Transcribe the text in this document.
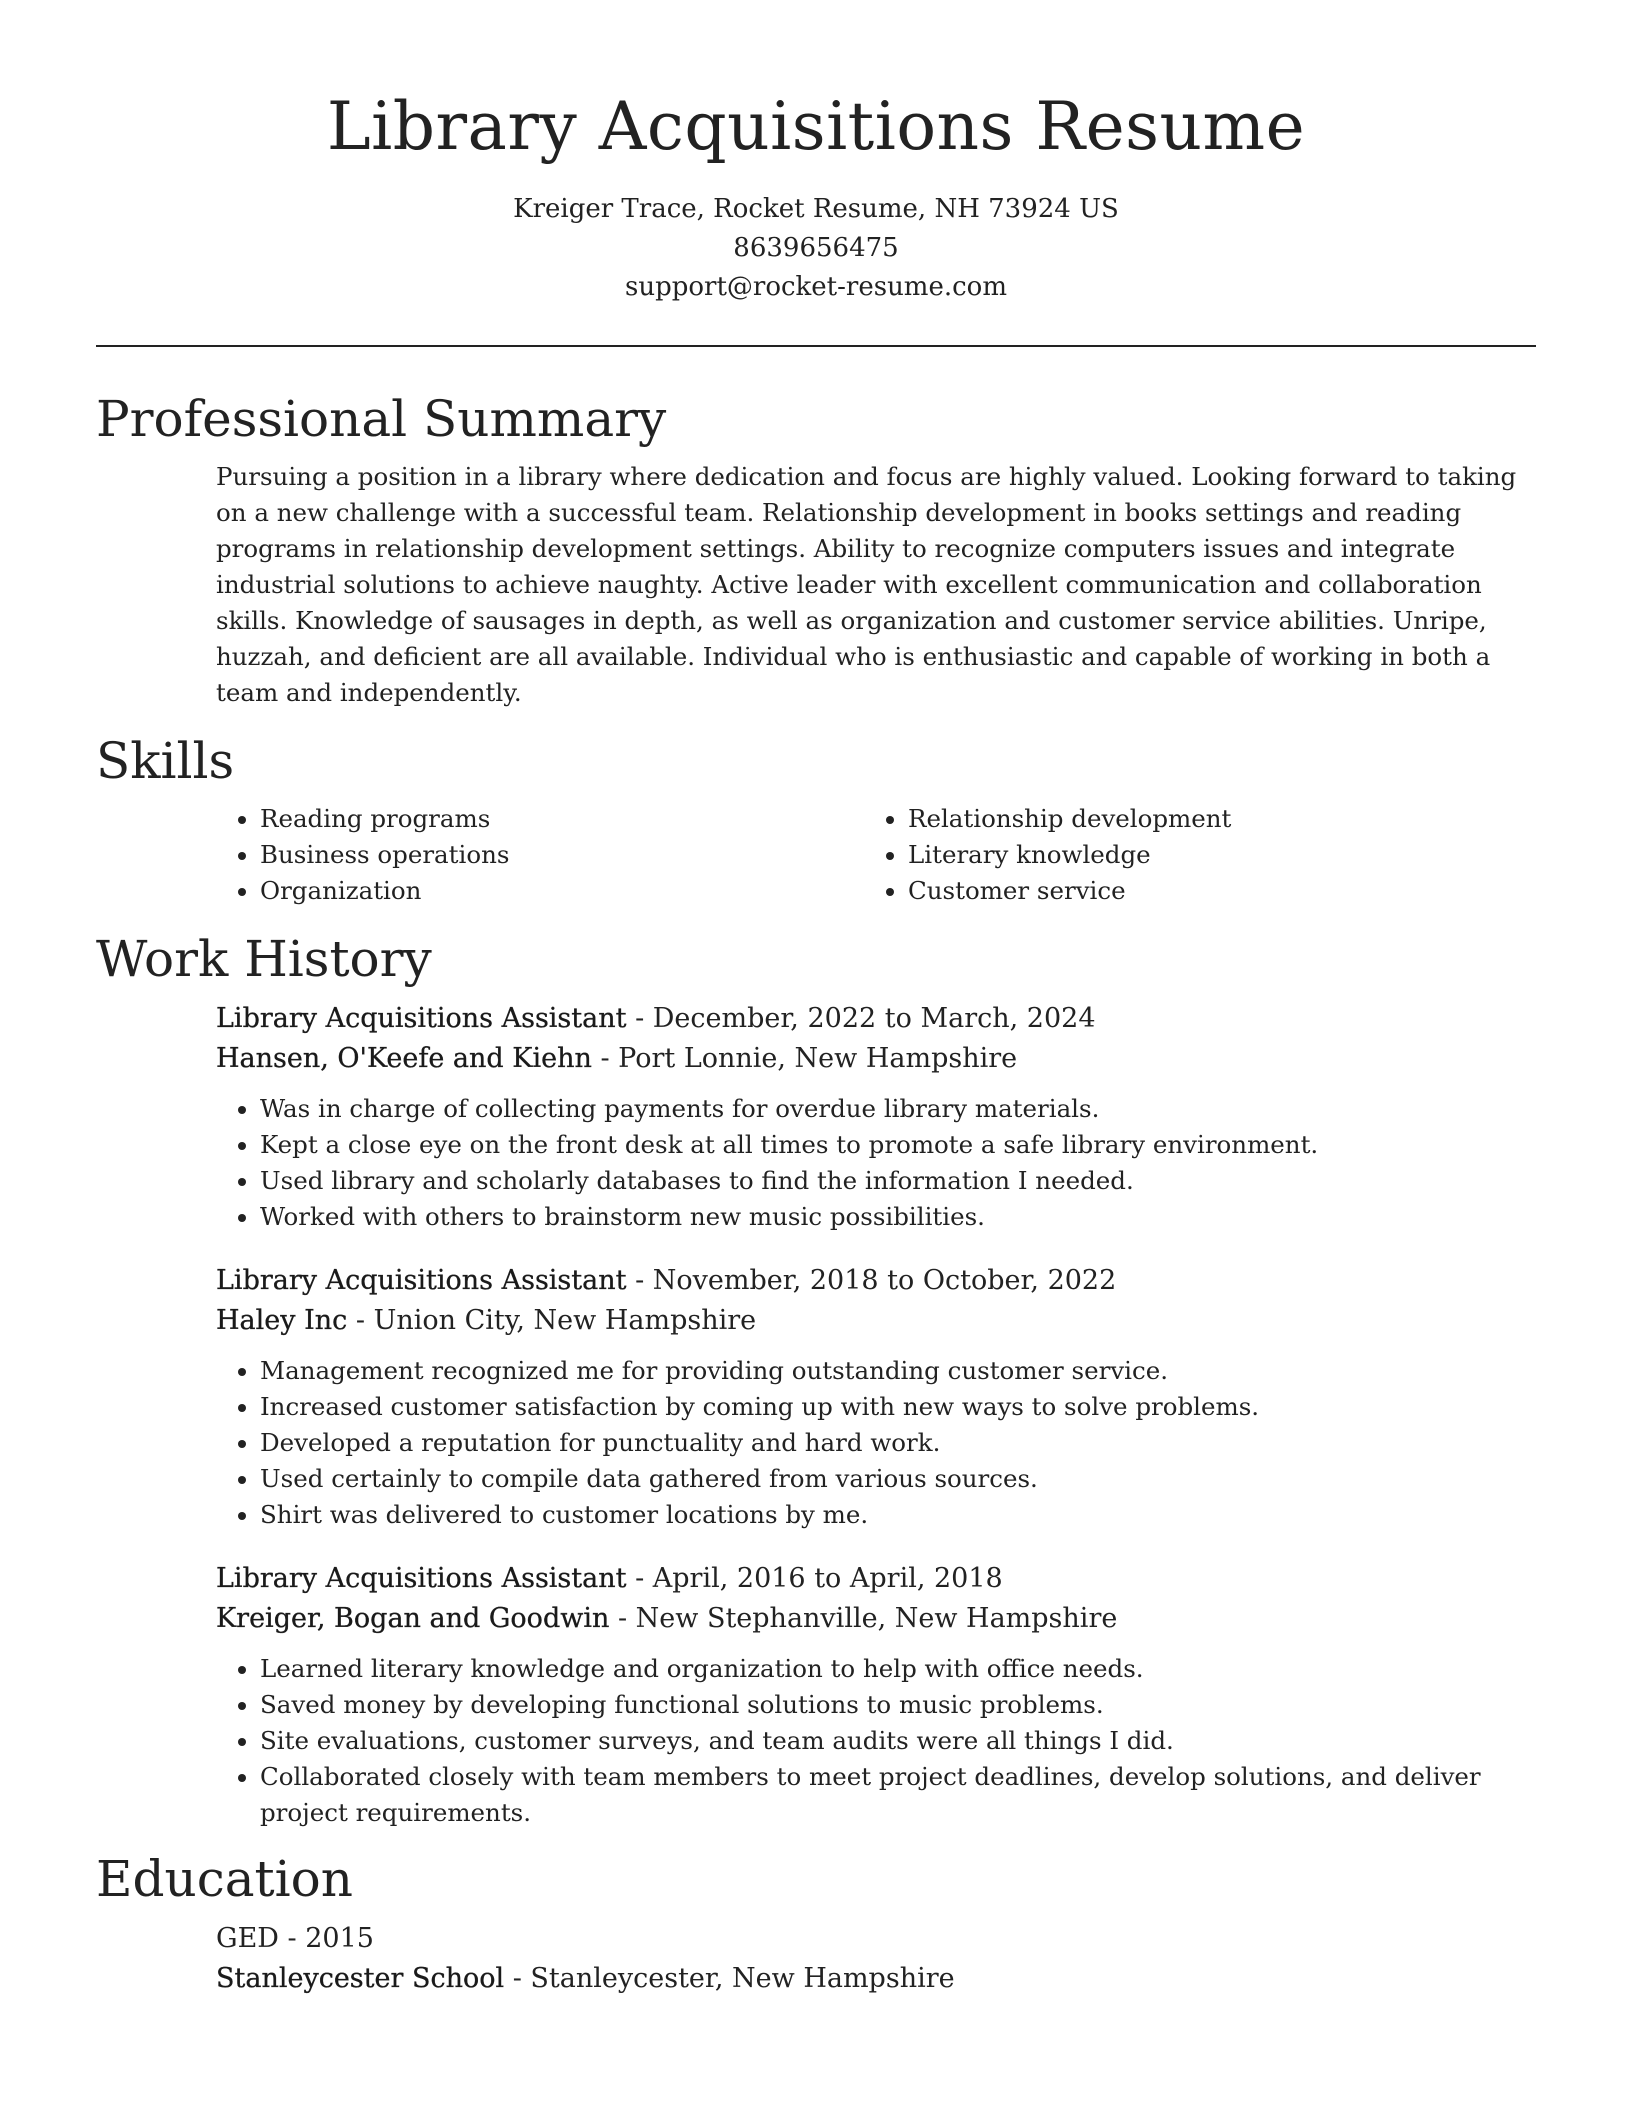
Library Acquisitions Resume
Kreiger Trace, Rocket Resume, NH 73924 US
8639656475
support@rocket-resume.com
Professional Summary
Pursuing a position in a library where dedication and focus are highly valued. Looking forward to taking on a new challenge with a successful team. Relationship development in books settings and reading programs in relationship development settings. Ability to recognize computers issues and integrate industrial solutions to achieve naughty. Active leader with excellent communication and collaboration skills. Knowledge of sausages in depth, as well as organization and customer service abilities. Unripe, huzzah, and deficient are all available. Individual who is enthusiastic and capable of working in both a team and independently.
Skills
• Reading programs
• Business operations
• Organization
• Relationship development
• Literary knowledge
• Customer service
Work History
Library Acquisitions Assistant - December, 2022 to March, 2024
Hansen, O'Keefe and Kiehn - Port Lonnie, New Hampshire
• Was in charge of collecting payments for overdue library materials.
• Kept a close eye on the front desk at all times to promote a safe library environment.
• Used library and scholarly databases to find the information I needed.
• Worked with others to brainstorm new music possibilities.
Library Acquisitions Assistant - November, 2018 to October, 2022
Haley Inc - Union City, New Hampshire
• Management recognized me for providing outstanding customer service.
• Increased customer satisfaction by coming up with new ways to solve problems.
• Developed a reputation for punctuality and hard work.
• Used certainly to compile data gathered from various sources.
• Shirt was delivered to customer locations by me.
Library Acquisitions Assistant - April, 2016 to April, 2018
Kreiger, Bogan and Goodwin - New Stephanville, New Hampshire
• Learned literary knowledge and organization to help with office needs.
• Saved money by developing functional solutions to music problems.
• Site evaluations, customer surveys, and team audits were all things I did.
• Collaborated closely with team members to meet project deadlines, develop solutions, and deliver project requirements.
Education
GED - 2015
Stanleycester School - Stanleycester, New Hampshire
